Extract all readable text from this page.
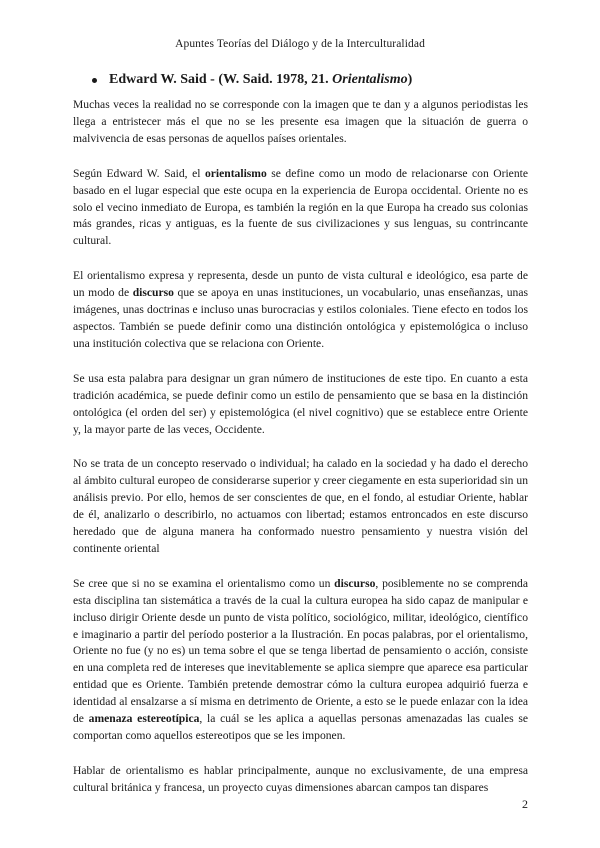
Apuntes Teorías del Diálogo y de la Interculturalidad
Edward W. Said - (W. Said. 1978, 21. Orientalismo)

Muchas veces la realidad no se corresponde con la imagen que te dan y a algunos periodistas les llega a entristecer más el que no se les presente esa imagen que la situación de guerra o malvivencia de esas personas de aquellos países orientales.

Según Edward W. Said, el orientalismo se define como un modo de relacionarse con Oriente basado en el lugar especial que este ocupa en la experiencia de Europa occidental. Oriente no es solo el vecino inmediato de Europa, es también la región en la que Europa ha creado sus colonias más grandes, ricas y antiguas, es la fuente de sus civilizaciones y sus lenguas, su contrincante cultural.

El orientalismo expresa y representa, desde un punto de vista cultural e ideológico, esa parte de un modo de discurso que se apoya en unas instituciones, un vocabulario, unas enseñanzas, unas imágenes, unas doctrinas e incluso unas burocracias y estilos coloniales. Tiene efecto en todos los aspectos. También se puede definir como una distinción ontológica y epistemológica o incluso una institución colectiva que se relaciona con Oriente.

Se usa esta palabra para designar un gran número de instituciones de este tipo. En cuanto a esta tradición académica, se puede definir como un estilo de pensamiento que se basa en la distinción ontológica (el orden del ser) y epistemológica (el nivel cognitivo) que se establece entre Oriente y, la mayor parte de las veces, Occidente.

No se trata de un concepto reservado o individual; ha calado en la sociedad y ha dado el derecho al ámbito cultural europeo de considerarse superior y creer ciegamente en esta superioridad sin un análisis previo. Por ello, hemos de ser conscientes de que, en el fondo, al estudiar Oriente, hablar de él, analizarlo o describirlo, no actuamos con libertad; estamos entroncados en este discurso heredado que de alguna manera ha conformado nuestro pensamiento y nuestra visión del continente oriental

Se cree que si no se examina el orientalismo como un discurso, posiblemente no se comprenda esta disciplina tan sistemática a través de la cual la cultura europea ha sido capaz de manipular e incluso dirigir Oriente desde un punto de vista político, sociológico, militar, ideológico, científico e imaginario a partir del período posterior a la Ilustración. En pocas palabras, por el orientalismo, Oriente no fue (y no es) un tema sobre el que se tenga libertad de pensamiento o acción, consiste en una completa red de intereses que inevitablemente se aplica siempre que aparece esa particular entidad que es Oriente. También pretende demostrar cómo la cultura europea adquirió fuerza e identidad al ensalzarse a sí misma en detrimento de Oriente, a esto se le puede enlazar con la idea de amenaza estereotípica, la cuál se les aplica a aquellas personas amenazadas las cuales se comportan como aquellos estereotipos que se les imponen.

Hablar de orientalismo es hablar principalmente, aunque no exclusivamente, de una empresa cultural británica y francesa, un proyecto cuyas dimensiones abarcan campos tan dispares

2
